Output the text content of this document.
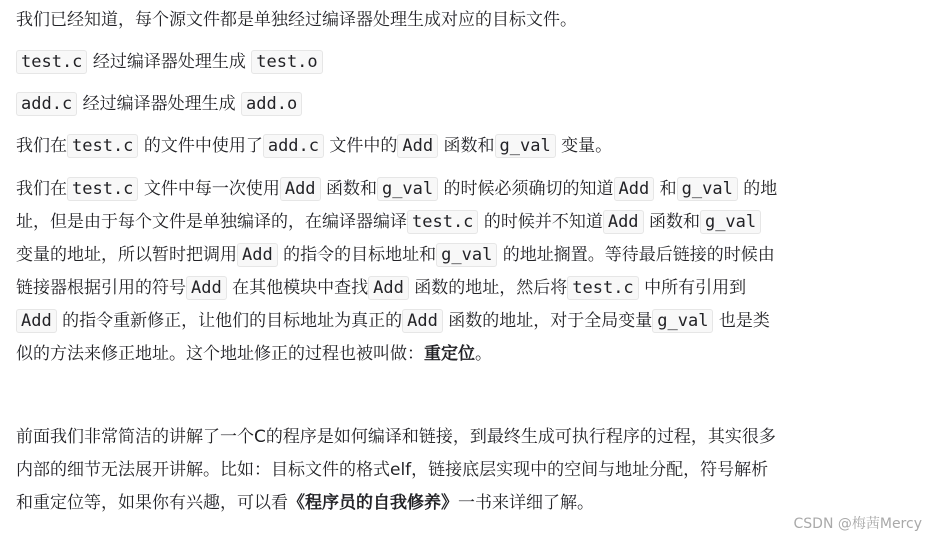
我们已经知道，每个源文件都是单独经过编译器处理生成对应的目标文件。

test.c 经过编译器处理生成 test.o

add.c 经过编译器处理生成 add.o

我们在 test.c 的文件中使用了 add.c 文件中的 Add 函数和 g_val 变量。

我们在 test.c 文件中每一次使用 Add 函数和 g_val 的时候必须确切的知道 Add 和 g_val 的地
址，但是由于每个文件是单独编译的，在编译器编译 test.c 的时候并不知道 Add 函数和 g_val
变量的地址，所以暂时把调用 Add 的指令的目标地址和 g_val 的地址搁置。等待最后链接的时候由
链接器根据引用的符号 Add 在其他模块中查找 Add 函数的地址，然后将 test.c 中所有引用到
Add 的指令重新修正，让他们的目标地址为真正的 Add 函数的地址，对于全局变量 g_val 也是类
似的方法来修正地址。这个地址修正的过程也被叫做：重定位。
前面我们非常简洁的讲解了一个C的程序是如何编译和链接，到最终生成可执行程序的过程，其实很多
内部的细节无法展开讲解。比如：目标文件的格式elf，链接底层实现中的空间与地址分配，符号解析
和重定位等，如果你有兴趣，可以看《程序员的自我修养》一书来详细了解。
CSDN @梅茜Mercy
